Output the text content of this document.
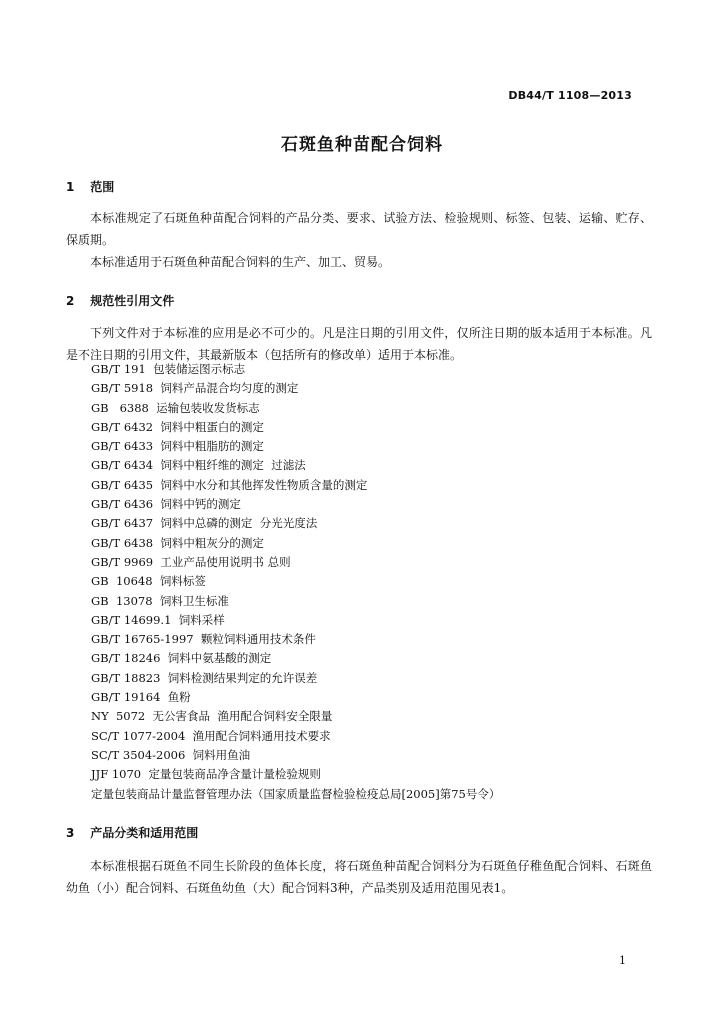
DB44/T 1108—2013
石斑鱼种苗配合饲料
1 范围

本标准规定了石斑鱼种苗配合饲料的产品分类、要求、试验方法、检验规则、标签、包装、运输、贮存、保质期。

本标准适用于石斑鱼种苗配合饲料的生产、加工、贸易。

2 规范性引用文件

下列文件对于本标准的应用是必不可少的。凡是注日期的引用文件，仅所注日期的版本适用于本标准。凡是不注日期的引用文件，其最新版本（包括所有的修改单）适用于本标准。

GB/T 191 包装储运图示标志
GB/T 5918 饲料产品混合均匀度的测定
GB   6388 运输包装收发货标志
GB/T 6432 饲料中粗蛋白的测定
GB/T 6433 饲料中粗脂肪的测定
GB/T 6434 饲料中粗纤维的测定  过滤法
GB/T 6435 饲料中水分和其他挥发性物质含量的测定
GB/T 6436 饲料中钙的测定
GB/T 6437 饲料中总磷的测定  分光光度法
GB/T 6438 饲料中粗灰分的测定
GB/T 9969 工业产品使用说明书 总则
GB  10648 饲料标签
GB  13078 饲料卫生标准
GB/T 14699.1 饲料采样
GB/T 16765-1997 颗粒饲料通用技术条件
GB/T 18246 饲料中氨基酸的测定
GB/T 18823 饲料检测结果判定的允许误差
GB/T 19164 鱼粉
NY  5072 无公害食品  渔用配合饲料安全限量
SC/T 1077-2004 渔用配合饲料通用技术要求
SC/T 3504-2006 饲料用鱼油
JJF 1070 定量包装商品净含量计量检验规则
定量包装商品计量监督管理办法（国家质量监督检验检疫总局[2005]第75号令）
3 产品分类和适用范围

本标准根据石斑鱼不同生长阶段的鱼体长度，将石斑鱼种苗配合饲料分为石斑鱼仔稚鱼配合饲料、石斑鱼幼鱼（小）配合饲料、石斑鱼幼鱼（大）配合饲料3种，产品类别及适用范围见表1。

1
